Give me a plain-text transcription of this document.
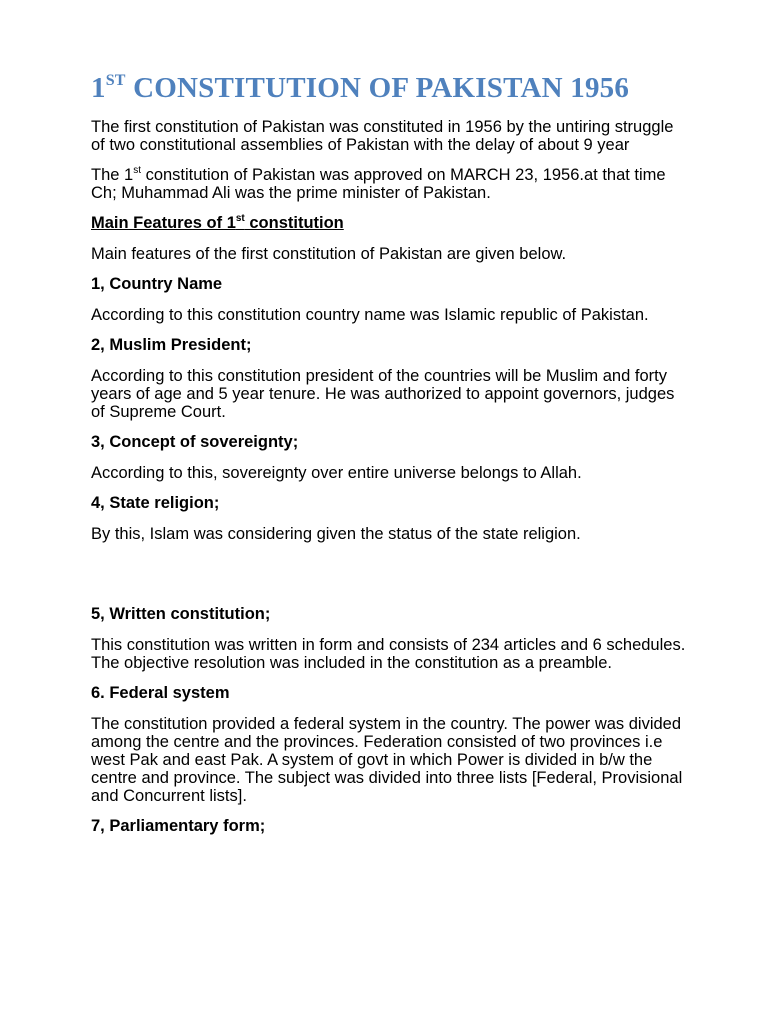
1ST CONSTITUTION OF PAKISTAN 1956

The first constitution of Pakistan was constituted in 1956 by the untiring struggle of two constitutional assemblies of Pakistan with the delay of about 9 year

The 1st constitution of Pakistan was approved on MARCH 23, 1956.at that time Ch; Muhammad Ali was the prime minister of Pakistan.

Main Features of 1st constitution

Main features of the first constitution of Pakistan are given below.

1, Country Name

According to this constitution country name was Islamic republic of Pakistan.

2, Muslim President;

According to this constitution president of the countries will be Muslim and forty years of age and 5 year tenure. He was authorized to appoint governors, judges of Supreme Court.

3, Concept of sovereignty;

According to this, sovereignty over entire universe belongs to Allah.

4, State religion;

By this, Islam was considering given the status of the state religion.

5, Written constitution;

This constitution was written in form and consists of 234 articles and 6 schedules. The objective resolution was included in the constitution as a preamble.

6. Federal system

The constitution provided a federal system in the country. The power was divided among the centre and the provinces. Federation consisted of two provinces i.e west Pak and east Pak. A system of govt in which Power is divided in b/w the centre and province. The subject was divided into three lists [Federal, Provisional and Concurrent lists].

7, Parliamentary form;
